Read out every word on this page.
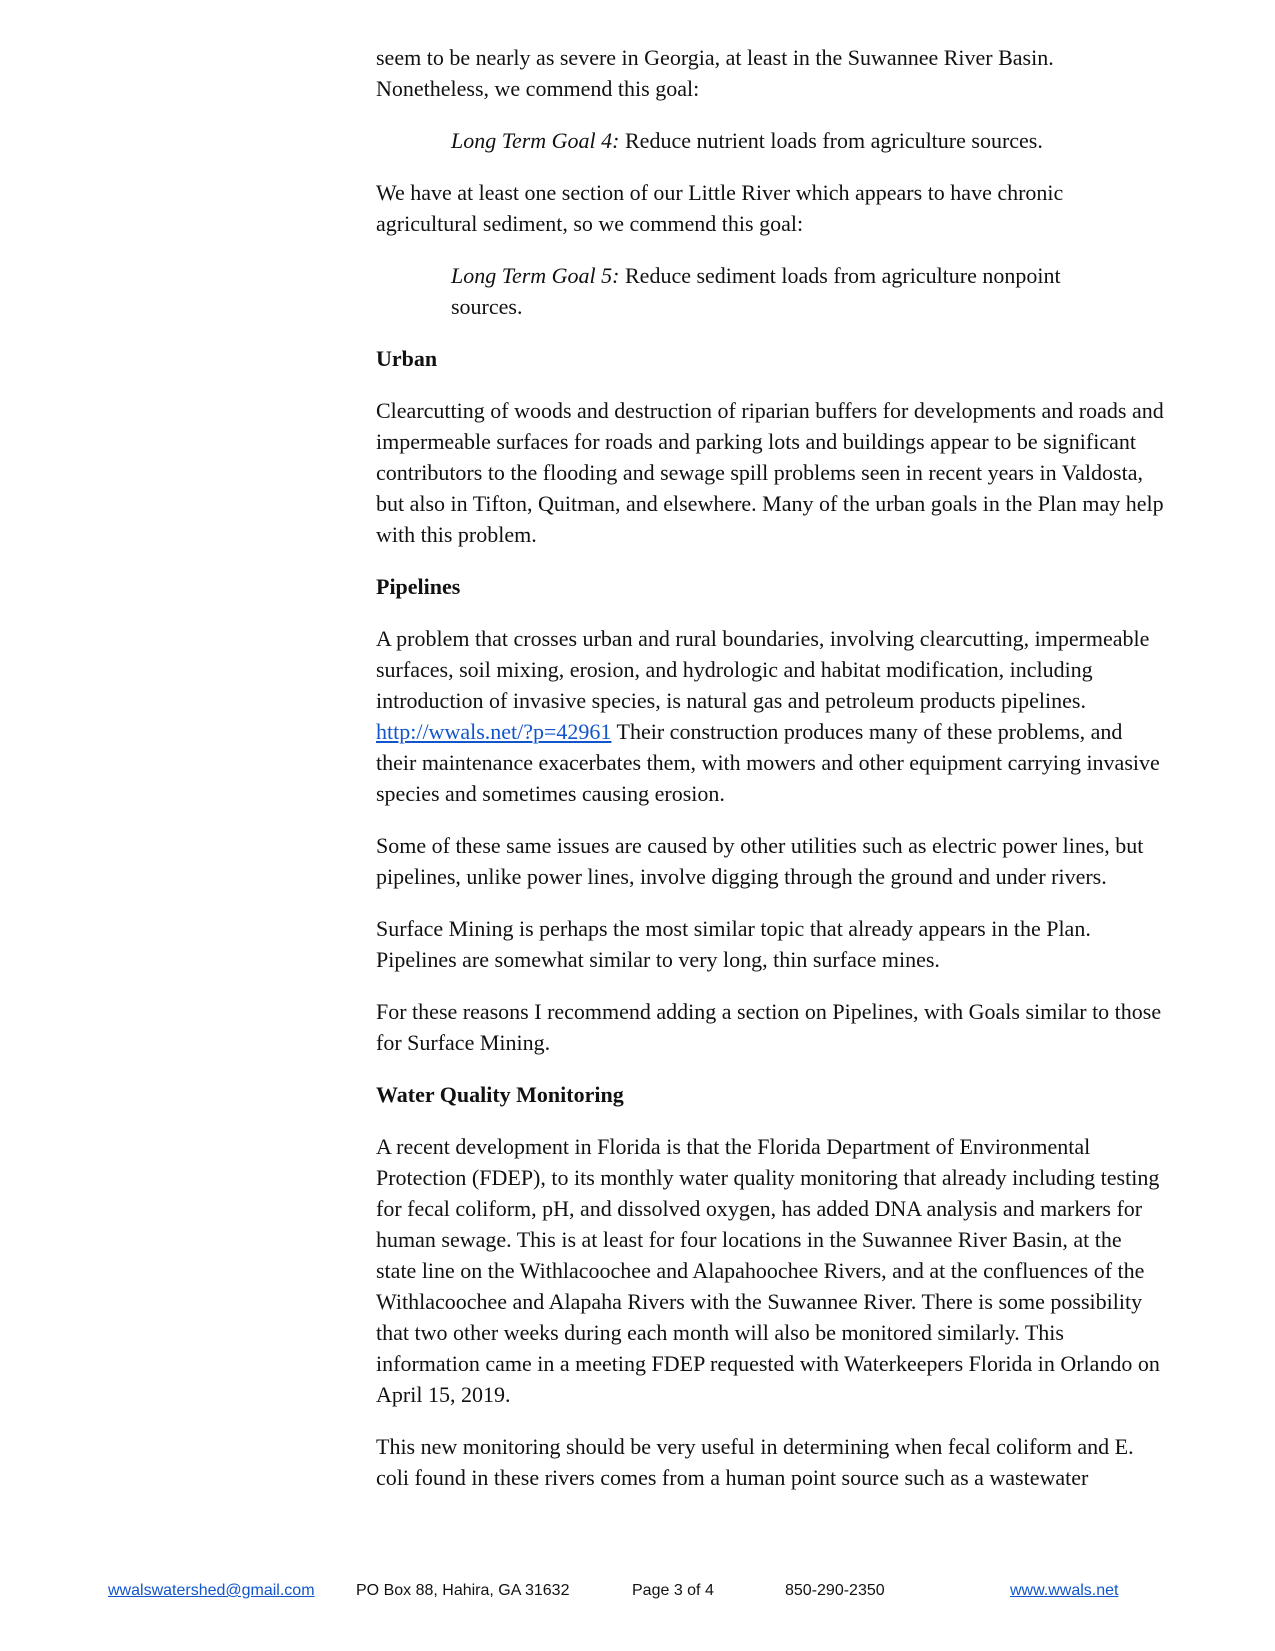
seem to be nearly as severe in Georgia, at least in the Suwannee River Basin. Nonetheless, we commend this goal:

Long Term Goal 4: Reduce nutrient loads from agriculture sources.

We have at least one section of our Little River which appears to have chronic agricultural sediment, so we commend this goal:

Long Term Goal 5: Reduce sediment loads from agriculture nonpoint sources.

Urban

Clearcutting of woods and destruction of riparian buffers for developments and roads and impermeable surfaces for roads and parking lots and buildings appear to be significant contributors to the flooding and sewage spill problems seen in recent years in Valdosta, but also in Tifton, Quitman, and elsewhere. Many of the urban goals in the Plan may help with this problem.

Pipelines

A problem that crosses urban and rural boundaries, involving clearcutting, impermeable surfaces, soil mixing, erosion, and hydrologic and habitat modification, including introduction of invasive species, is natural gas and petroleum products pipelines. http://wwals.net/?p=42961 Their construction produces many of these problems, and their maintenance exacerbates them, with mowers and other equipment carrying invasive species and sometimes causing erosion.

Some of these same issues are caused by other utilities such as electric power lines, but pipelines, unlike power lines, involve digging through the ground and under rivers.

Surface Mining is perhaps the most similar topic that already appears in the Plan. Pipelines are somewhat similar to very long, thin surface mines.

For these reasons I recommend adding a section on Pipelines, with Goals similar to those for Surface Mining.

Water Quality Monitoring

A recent development in Florida is that the Florida Department of Environmental Protection (FDEP), to its monthly water quality monitoring that already including testing for fecal coliform, pH, and dissolved oxygen, has added DNA analysis and markers for human sewage. This is at least for four locations in the Suwannee River Basin, at the state line on the Withlacoochee and Alapahoochee Rivers, and at the confluences of the Withlacoochee and Alapaha Rivers with the Suwannee River. There is some possibility that two other weeks during each month will also be monitored similarly. This information came in a meeting FDEP requested with Waterkeepers Florida in Orlando on April 15, 2019.

This new monitoring should be very useful in determining when fecal coliform and E. coli found in these rivers comes from a human point source such as a wastewater

wwalswatershed@gmail.com	PO Box 88, Hahira, GA 31632	Page 3 of 4	850-290-2350	www.wwals.net
